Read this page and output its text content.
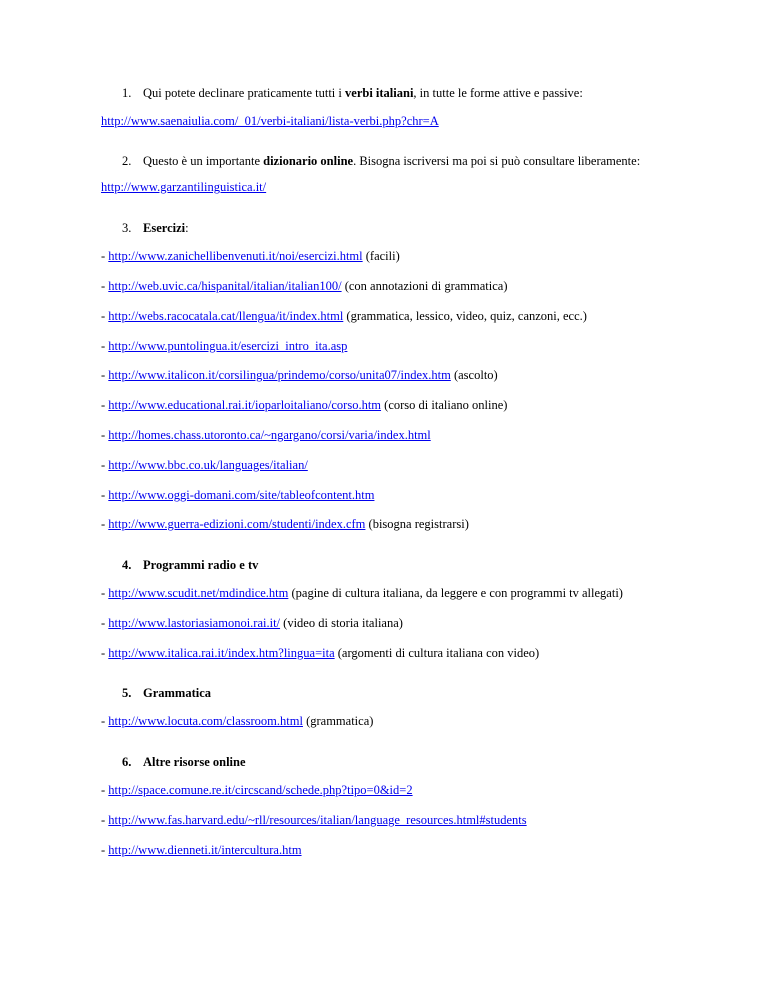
1. Qui potete declinare praticamente tutti i verbi italiani, in tutte le forme attive e passive:
http://www.saenaiulia.com/_01/verbi-italiani/lista-verbi.php?chr=A
2. Questo è un importante dizionario online. Bisogna iscriversi ma poi si può consultare liberamente:
http://www.garzantilinguistica.it/
3. Esercizi:
- http://www.zanichellibenvenuti.it/noi/esercizi.html (facili)
- http://web.uvic.ca/hispanital/italian/italian100/ (con annotazioni di grammatica)
- http://webs.racocatala.cat/llengua/it/index.html (grammatica, lessico, video, quiz, canzoni, ecc.)
- http://www.puntolingua.it/esercizi_intro_ita.asp
- http://www.italicon.it/corsilingua/prindemo/corso/unita07/index.htm (ascolto)
- http://www.educational.rai.it/ioparloitaliano/corso.htm (corso di italiano online)
- http://homes.chass.utoronto.ca/~ngargano/corsi/varia/index.html
- http://www.bbc.co.uk/languages/italian/
- http://www.oggi-domani.com/site/tableofcontent.htm
- http://www.guerra-edizioni.com/studenti/index.cfm (bisogna registrarsi)
4. Programmi radio e tv
- http://www.scudit.net/mdindice.htm (pagine di cultura italiana, da leggere e con programmi tv allegati)
- http://www.lastoriasiamonoi.rai.it/ (video di storia italiana)
- http://www.italica.rai.it/index.htm?lingua=ita (argomenti di cultura italiana con video)
5. Grammatica
- http://www.locuta.com/classroom.html (grammatica)
6. Altre risorse online
- http://space.comune.re.it/circscand/schede.php?tipo=0&id=2
- http://www.fas.harvard.edu/~rll/resources/italian/language_resources.html#students
- http://www.dienneti.it/intercultura.htm
